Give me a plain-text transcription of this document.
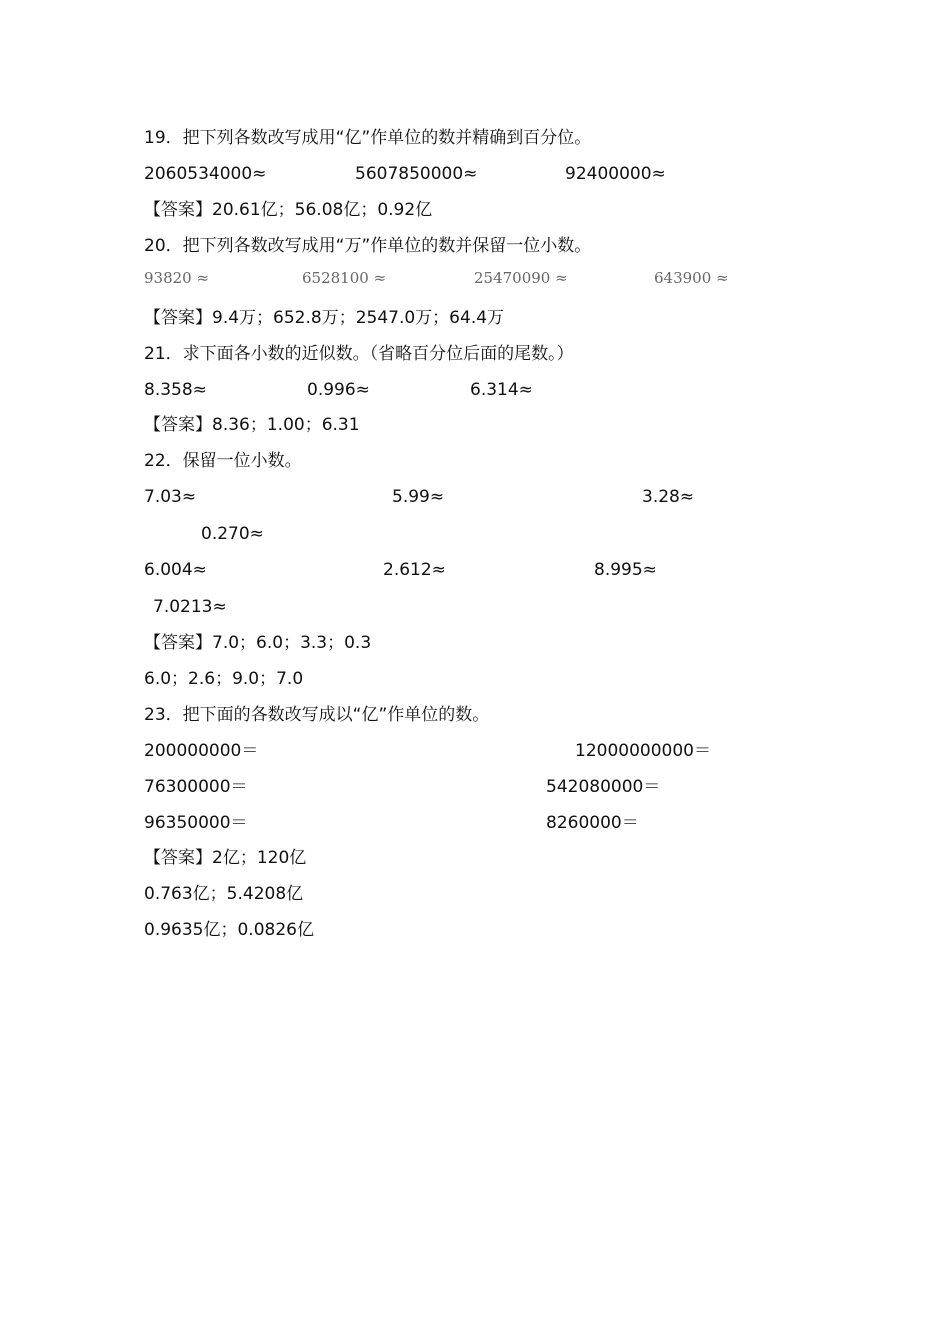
19．把下列各数改写成用“亿”作单位的数并精确到百分位。
2060534000≈	5607850000≈	92400000≈
【答案】20.61亿；56.08亿；0.92亿
20．把下列各数改写成用“万”作单位的数并保留一位小数。
93820 ≈	6528100 ≈	25470090 ≈	643900 ≈
【答案】9.4万；652.8万；2547.0万；64.4万
21．求下面各小数的近似数。（省略百分位后面的尾数。）
8.358≈	0.996≈	6.314≈
【答案】8.36；1.00；6.31
22．保留一位小数。
7.03≈	5.99≈	3.28≈
0.270≈
6.004≈	2.612≈	8.995≈
7.0213≈
【答案】7.0；6.0；3.3；0.3
6.0；2.6；9.0；7.0
23．把下面的各数改写成以“亿”作单位的数。
200000000＝	12000000000＝
76300000＝	542080000＝
96350000＝	8260000＝
【答案】2亿；120亿
0.763亿；5.4208亿
0.9635亿；0.0826亿
